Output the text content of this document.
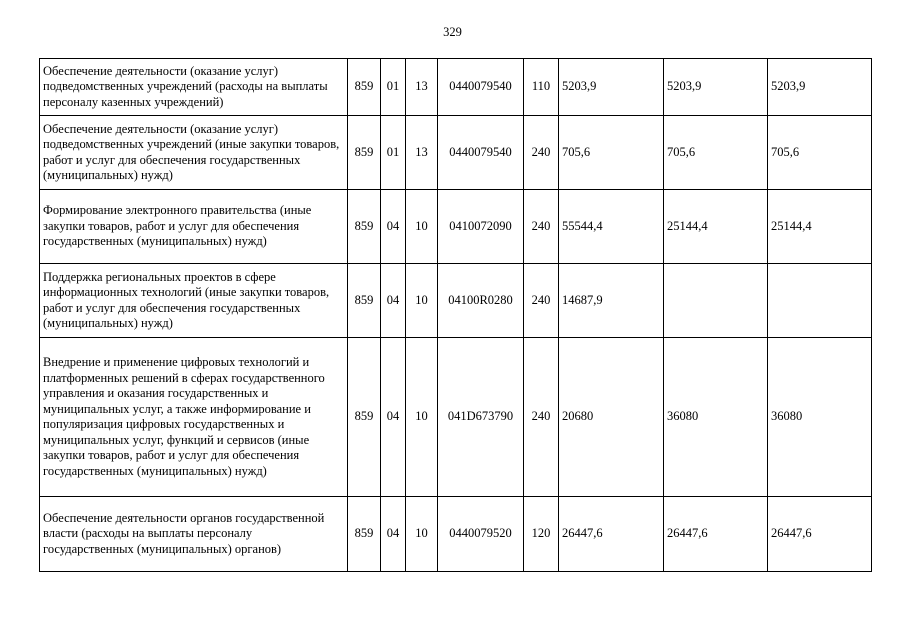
329
Обеспечение деятельности (оказание услуг) подведомственных учреждений (расходы на выплаты персоналу казенных учреждений)	859	01	13	0440079540	110	5203,9	5203,9	5203,9
Обеспечение деятельности (оказание услуг) подведомственных учреждений (иные закупки товаров, работ и услуг для обеспечения государственных (муниципальных) нужд)	859	01	13	0440079540	240	705,6	705,6	705,6
Формирование электронного правительства (иные закупки товаров, работ и услуг для обеспечения государственных (муниципальных) нужд)	859	04	10	0410072090	240	55544,4	25144,4	25144,4
Поддержка региональных проектов в сфере информационных технологий (иные закупки товаров, работ и услуг для обеспечения государственных (муниципальных) нужд)	859	04	10	04100R0280	240	14687,9		
Внедрение и применение цифровых технологий и платформенных решений в сферах государственного управления и оказания государственных и муниципальных услуг, а также информирование и популяризация цифровых государственных и муниципальных услуг, функций и сервисов (иные закупки товаров, работ и услуг для обеспечения государственных (муниципальных) нужд)	859	04	10	041D673790	240	20680	36080	36080
Обеспечение деятельности органов государственной власти (расходы на выплаты персоналу государственных (муниципальных) органов)	859	04	10	0440079520	120	26447,6	26447,6	26447,6
